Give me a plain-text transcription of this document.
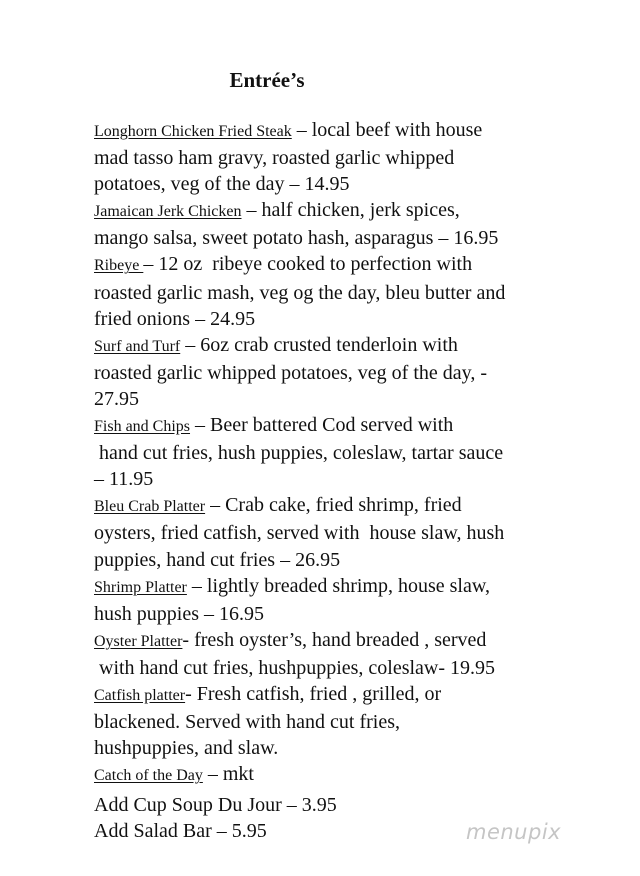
Entrée’s
Longhorn Chicken Fried Steak – local beef with house
mad tasso ham gravy, roasted garlic whipped
potatoes, veg of the day – 14.95
Jamaican Jerk Chicken – half chicken, jerk spices,
mango salsa, sweet potato hash, asparagus – 16.95
Ribeye – 12 oz  ribeye cooked to perfection with
roasted garlic mash, veg og the day, bleu butter and
fried onions – 24.95
Surf and Turf – 6oz crab crusted tenderloin with
roasted garlic whipped potatoes, veg of the day, -
27.95
Fish and Chips – Beer battered Cod served with
hand cut fries, hush puppies, coleslaw, tartar sauce
– 11.95
Bleu Crab Platter – Crab cake, fried shrimp, fried
oysters, fried catfish, served with  house slaw, hush
puppies, hand cut fries – 26.95
Shrimp Platter – lightly breaded shrimp, house slaw,
hush puppies – 16.95
Oyster Platter- fresh oyster’s, hand breaded , served
with hand cut fries, hushpuppies, coleslaw- 19.95
Catfish platter- Fresh catfish, fried , grilled, or
blackened. Served with hand cut fries,
hushpuppies, and slaw.
Catch of the Day – mkt
Add Cup Soup Du Jour – 3.95
Add Salad Bar – 5.95	menupix
